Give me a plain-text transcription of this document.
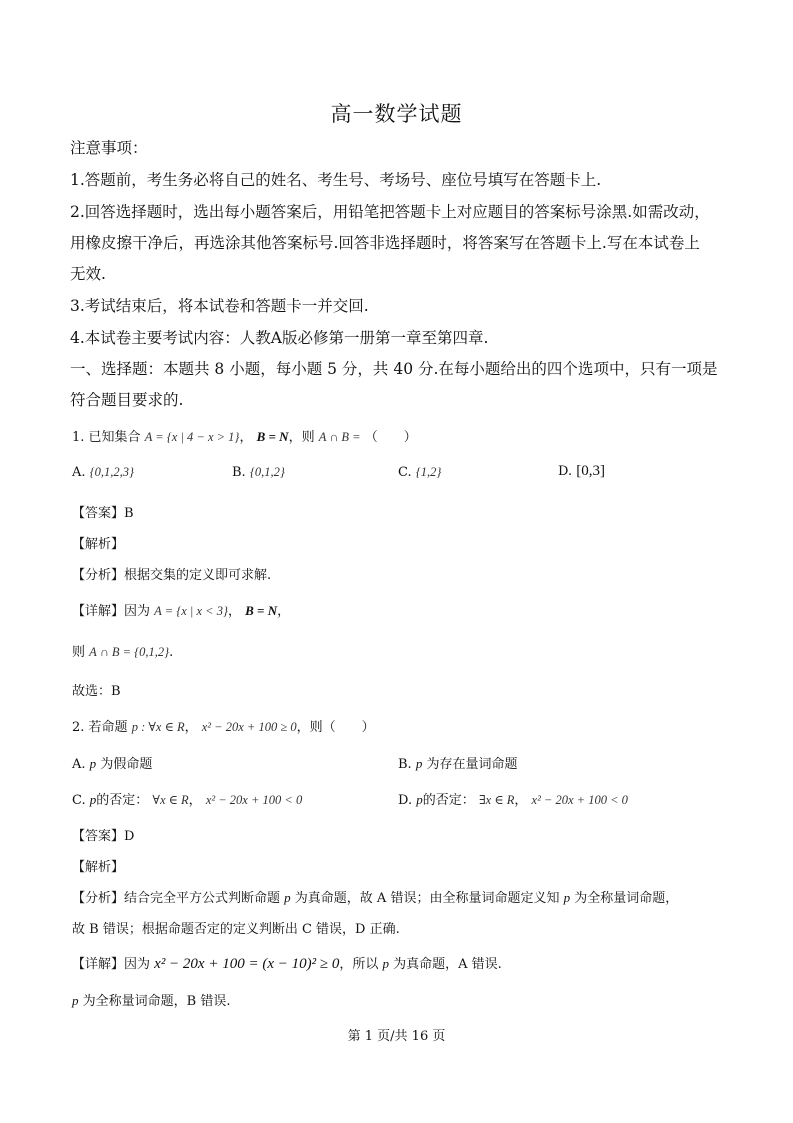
高一数学试题
注意事项：
1.答题前，考生务必将自己的姓名、考生号、考场号、座位号填写在答题卡上.
2.回答选择题时，选出每小题答案后，用铅笔把答题卡上对应题目的答案标号涂黑.如需改动，
用橡皮擦干净后，再选涂其他答案标号.回答非选择题时，将答案写在答题卡上.写在本试卷上
无效.
3.考试结束后，将本试卷和答题卡一并交回.
4.本试卷主要考试内容：人教A版必修第一册第一章至第四章.
一、选择题：本题共 8 小题，每小题 5 分，共 40 分.在每小题给出的四个选项中，只有一项是
符合题目要求的.
1. 已知集合 A = {x | 4 − x > 1}， B = N，则 A ∩ B = （　　）
A. {0,1,2,3}	B. {0,1,2}	C. {1,2}	D. [0,3]
【答案】B
【解析】
【分析】根据交集的定义即可求解.
【详解】因为 A = {x | x < 3}， B = N，
则 A ∩ B = {0,1,2}.
故选：B
2. 若命题 p : ∀x ∈ R， x² − 20x + 100 ≥ 0，则（　　）
A. p 为假命题	B. p 为存在量词命题
C. p的否定： ∀x ∈ R， x² − 20x + 100 < 0	D. p的否定： ∃x ∈ R， x² − 20x + 100 < 0
【答案】D
【解析】
【分析】结合完全平方公式判断命题 p 为真命题，故 A 错误；由全称量词命题定义知 p 为全称量词命题，
故 B 错误；根据命题否定的定义判断出 C 错误，D 正确.
【详解】因为 x² − 20x + 100 = (x − 10)² ≥ 0，所以 p 为真命题，A 错误.
p 为全称量词命题，B 错误.
第 1 页/共 16 页
